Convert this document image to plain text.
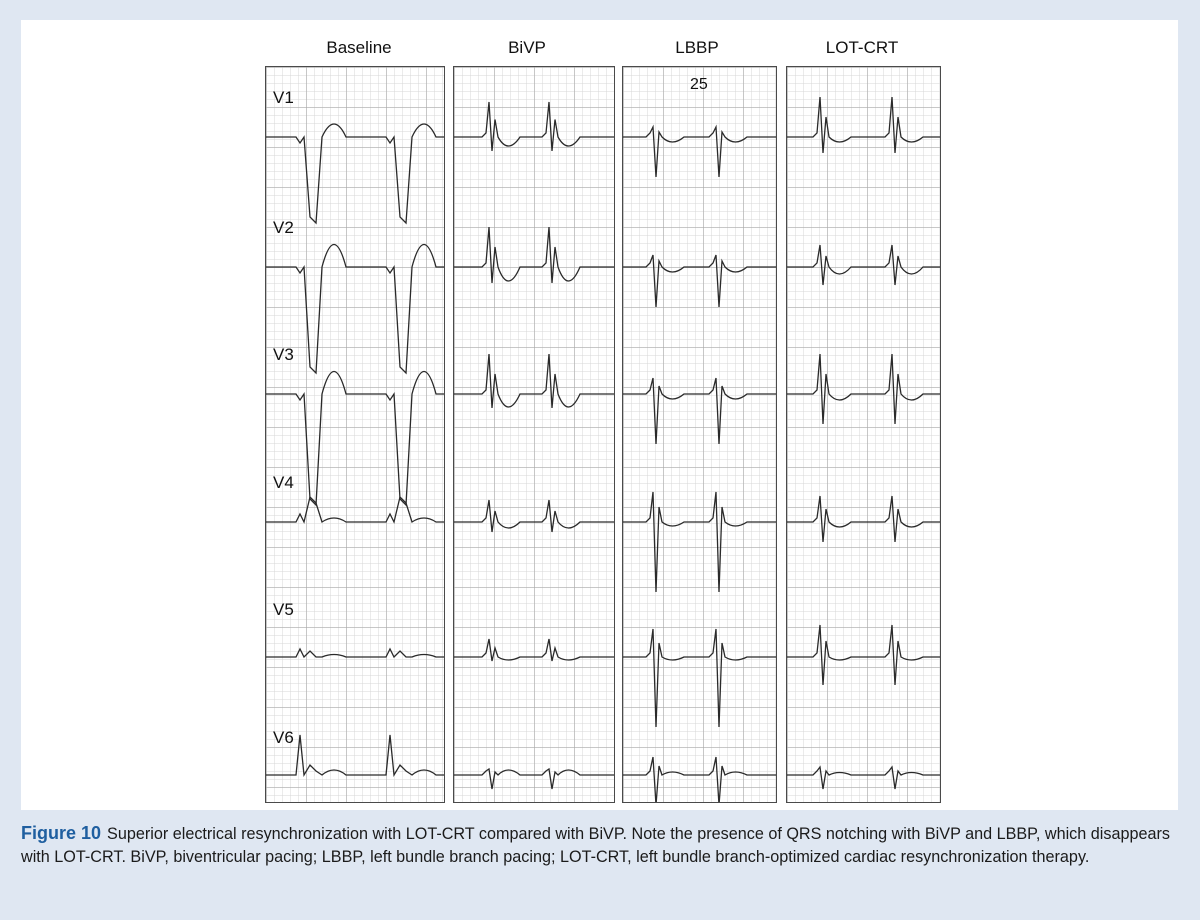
Baseline	BiVP	LBBP	LOT-CRT
25
V1
V2
V3
V4
V5
V6
Figure 10 Superior electrical resynchronization with LOT-CRT compared with BiVP. Note the presence of QRS notching with BiVP and LBBP, which disappears with LOT-CRT. BiVP, biventricular pacing; LBBP, left bundle branch pacing; LOT-CRT, left bundle branch-optimized cardiac resynchronization therapy.
